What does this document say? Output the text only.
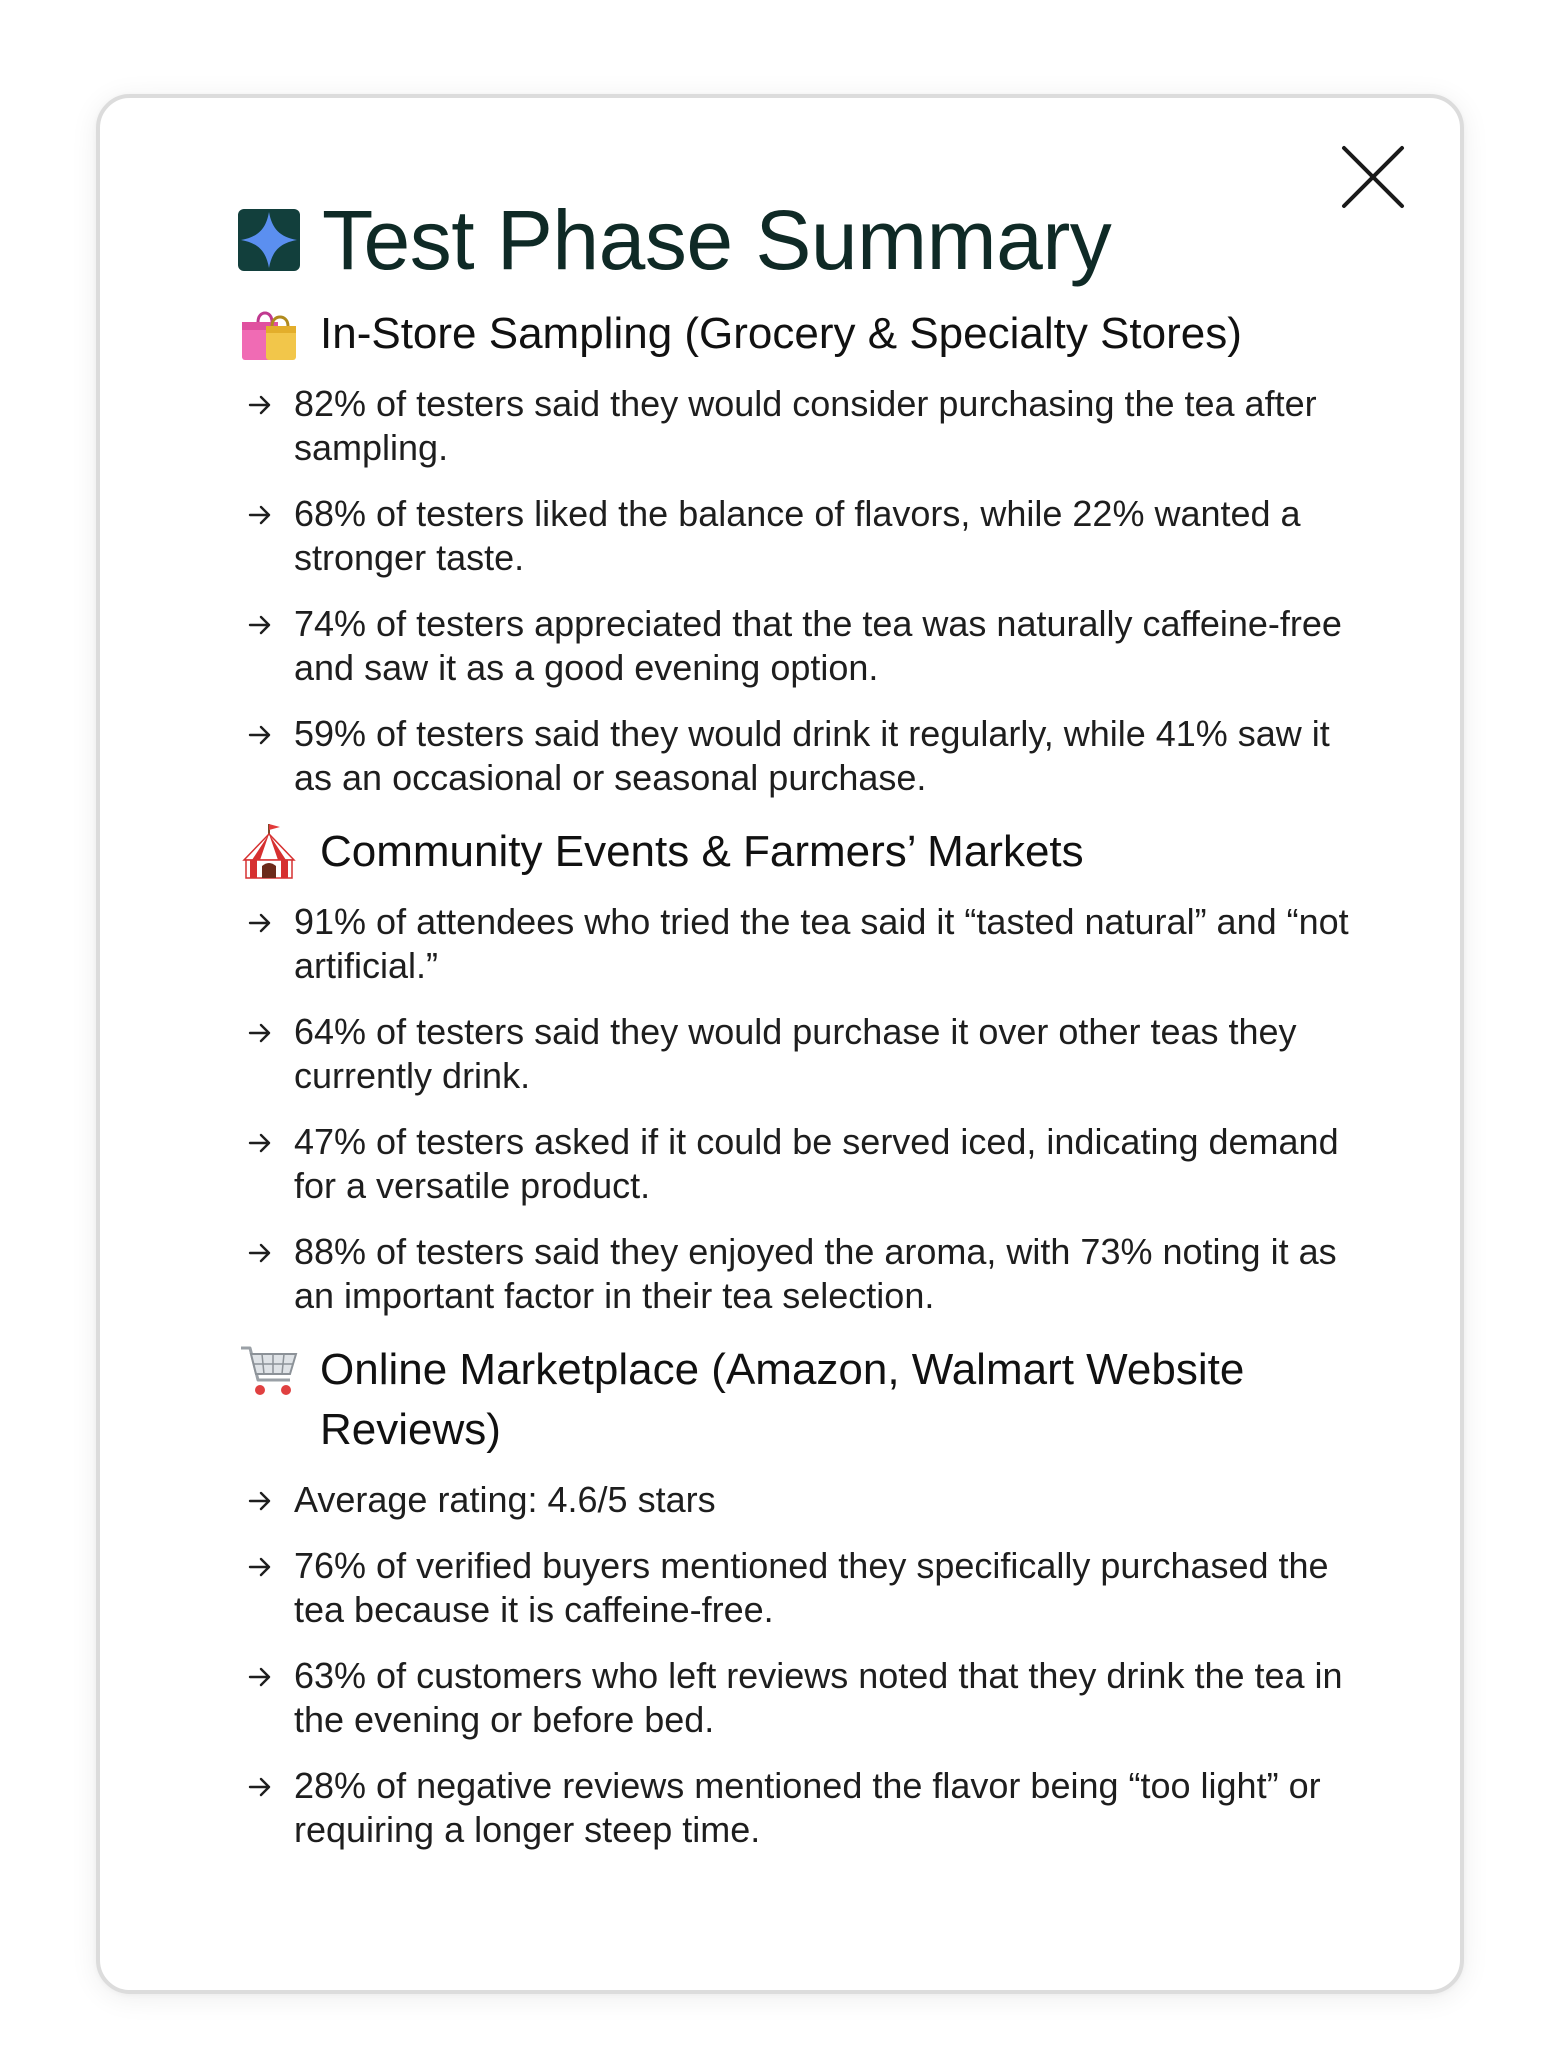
Test Phase Summary
In-Store Sampling (Grocery & Specialty Stores)
82% of testers said they would consider purchasing the tea after sampling.
68% of testers liked the balance of flavors, while 22% wanted a stronger taste.
74% of testers appreciated that the tea was naturally caffeine-free and saw it as a good evening option.
59% of testers said they would drink it regularly, while 41% saw it as an occasional or seasonal purchase.
Community Events & Farmers’ Markets
91% of attendees who tried the tea said it “tasted natural” and “not artificial.”
64% of testers said they would purchase it over other teas they currently drink.
47% of testers asked if it could be served iced, indicating demand for a versatile product.
88% of testers said they enjoyed the aroma, with 73% noting it as an important factor in their tea selection.
Online Marketplace (Amazon, Walmart Website Reviews)
Average rating: 4.6/5 stars
76% of verified buyers mentioned they specifically purchased the tea because it is caffeine-free.
63% of customers who left reviews noted that they drink the tea in the evening or before bed.
28% of negative reviews mentioned the flavor being “too light” or requiring a longer steep time.
